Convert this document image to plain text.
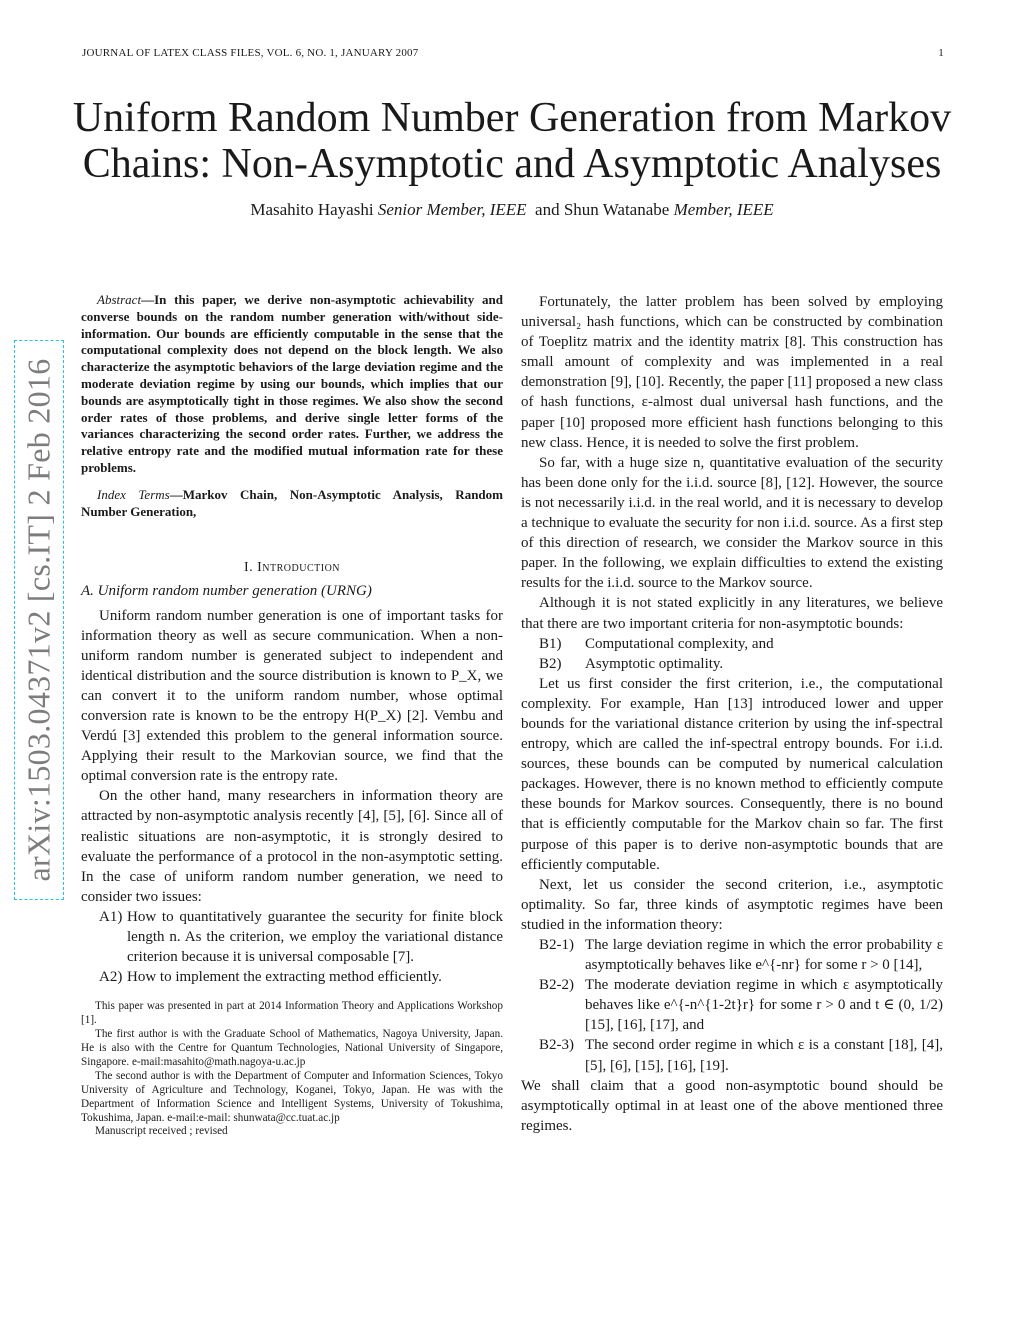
JOURNAL OF LATEX CLASS FILES, VOL. 6, NO. 1, JANUARY 2007	1
Uniform Random Number Generation from Markov
Chains: Non-Asymptotic and Asymptotic Analyses
Masahito Hayashi Senior Member, IEEE and Shun Watanabe Member, IEEE
arXiv:1503.04371v2 [cs.IT] 2 Feb 2016

Abstract—In this paper, we derive non-asymptotic achievability and converse bounds on the random number generation with/without side-information. Our bounds are efficiently computable in the sense that the computational complexity does not depend on the block length. We also characterize the asymptotic behaviors of the large deviation regime and the moderate deviation regime by using our bounds, which implies that our bounds are asymptotically tight in those regimes. We also show the second order rates of those problems, and derive single letter forms of the variances characterizing the second order rates. Further, we address the relative entropy rate and the modified mutual information rate for these problems.

Index Terms—Markov Chain, Non-Asymptotic Analysis, Random Number Generation,

I. Introduction
A. Uniform random number generation (URNG)

Uniform random number generation is one of important tasks for information theory as well as secure communication. When a non-uniform random number is generated subject to independent and identical distribution and the source distribution is known to P_X, we can convert it to the uniform random number, whose optimal conversion rate is known to be the entropy H(P_X) [2]. Vembu and Verdú [3] extended this problem to the general information source. Applying their result to the Markovian source, we find that the optimal conversion rate is the entropy rate.

On the other hand, many researchers in information theory are attracted by non-asymptotic analysis recently [4], [5], [6]. Since all of realistic situations are non-asymptotic, it is strongly desired to evaluate the performance of a protocol in the non-asymptotic setting. In the case of uniform random number generation, we need to consider two issues:

A1) How to quantitatively guarantee the security for finite block length n. As the criterion, we employ the variational distance criterion because it is universal composable [7].
A2) How to implement the extracting method efficiently.

This paper was presented in part at 2014 Information Theory and Applications Workshop [1].

The first author is with the Graduate School of Mathematics, Nagoya University, Japan. He is also with the Centre for Quantum Technologies, National University of Singapore, Singapore. e-mail:masahito@math.nagoya-u.ac.jp

The second author is with the Department of Computer and Information Sciences, Tokyo University of Agriculture and Technology, Koganei, Tokyo, Japan. He was with the Department of Information Science and Intelligent Systems, University of Tokushima, Tokushima, Japan. e-mail:e-mail: shunwata@cc.tuat.ac.jp

Manuscript received ; revised

Fortunately, the latter problem has been solved by employing universal₂ hash functions, which can be constructed by combination of Toeplitz matrix and the identity matrix [8]. This construction has small amount of complexity and was implemented in a real demonstration [9], [10]. Recently, the paper [11] proposed a new class of hash functions, ε-almost dual universal hash functions, and the paper [10] proposed more efficient hash functions belonging to this new class. Hence, it is needed to solve the first problem.

So far, with a huge size n, quantitative evaluation of the security has been done only for the i.i.d. source [8], [12]. However, the source is not necessarily i.i.d. in the real world, and it is necessary to develop a technique to evaluate the security for non i.i.d. source. As a first step of this direction of research, we consider the Markov source in this paper. In the following, we explain difficulties to extend the existing results for the i.i.d. source to the Markov source.

Although it is not stated explicitly in any literatures, we believe that there are two important criteria for non-asymptotic bounds:

B1)	Computational complexity, and
B2)	Asymptotic optimality.

Let us first consider the first criterion, i.e., the computational complexity. For example, Han [13] introduced lower and upper bounds for the variational distance criterion by using the inf-spectral entropy, which are called the inf-spectral entropy bounds. For i.i.d. sources, these bounds can be computed by numerical calculation packages. However, there is no known method to efficiently compute these bounds for Markov sources. Consequently, there is no bound that is efficiently computable for the Markov chain so far. The first purpose of this paper is to derive non-asymptotic bounds that are efficiently computable.

Next, let us consider the second criterion, i.e., asymptotic optimality. So far, three kinds of asymptotic regimes have been studied in the information theory:

B2-1) The large deviation regime in which the error probability ε asymptotically behaves like e^{-nr} for some r > 0 [14],
B2-2) The moderate deviation regime in which ε asymptotically behaves like e^{-n^{1-2t}r} for some r > 0 and t ∈ (0, 1/2) [15], [16], [17], and
B2-3) The second order regime in which ε is a constant [18], [4], [5], [6], [15], [16], [19].

We shall claim that a good non-asymptotic bound should be asymptotically optimal in at least one of the above mentioned three regimes.
